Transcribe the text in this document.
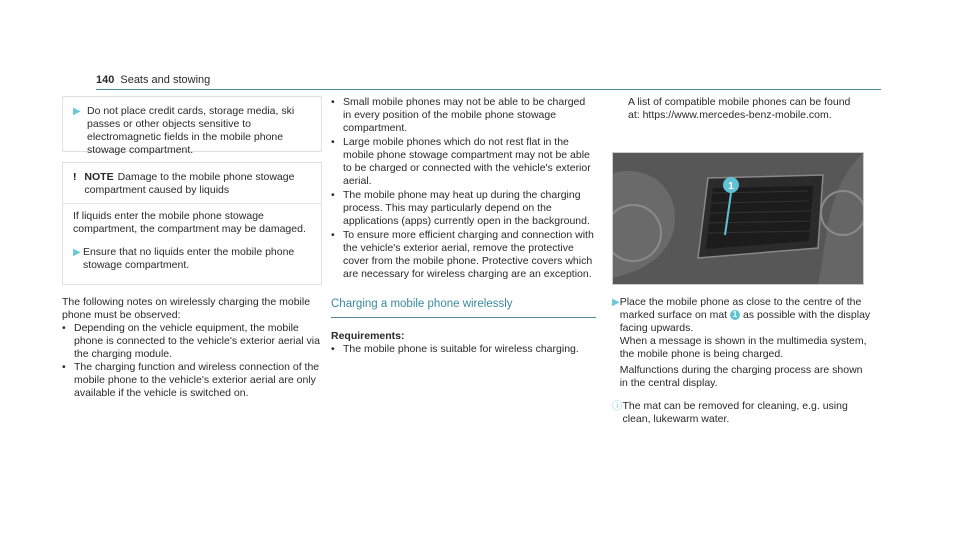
140 Seats and stowing
▶ Do not place credit cards, storage media, ski passes or other objects sensitive to electromagnetic fields in the mobile phone stowage compartment.
! NOTE Damage to the mobile phone stowage compartment caused by liquids
If liquids enter the mobile phone stowage compartment, the compartment may be damaged.
▶ Ensure that no liquids enter the mobile phone stowage compartment.
The following notes on wirelessly charging the mobile phone must be observed:
• Depending on the vehicle equipment, the mobile phone is connected to the vehicle's exterior aerial via the charging module.
• The charging function and wireless connection of the mobile phone to the vehicle's exterior aerial are only available if the vehicle is switched on.
• Small mobile phones may not be able to be charged in every position of the mobile phone stowage compartment.
• Large mobile phones which do not rest flat in the mobile phone stowage compartment may not be able to be charged or connected with the vehicle's exterior aerial.
• The mobile phone may heat up during the charging process. This may particularly depend on the applications (apps) currently open in the background.
• To ensure more efficient charging and connection with the vehicle's exterior aerial, remove the protective cover from the mobile phone. Protective covers which are necessary for wireless charging are an exception.
Charging a mobile phone wirelessly
Requirements:
• The mobile phone is suitable for wireless charging.
A list of compatible mobile phones can be found at: https://www.mercedes-benz-mobile.com.
1
▶ Place the mobile phone as close to the centre of the marked surface on mat 1 as possible with the display facing upwards.
When a message is shown in the multimedia system, the mobile phone is being charged.
Malfunctions during the charging process are shown in the central display.
ⓘ The mat can be removed for cleaning, e.g. using clean, lukewarm water.
